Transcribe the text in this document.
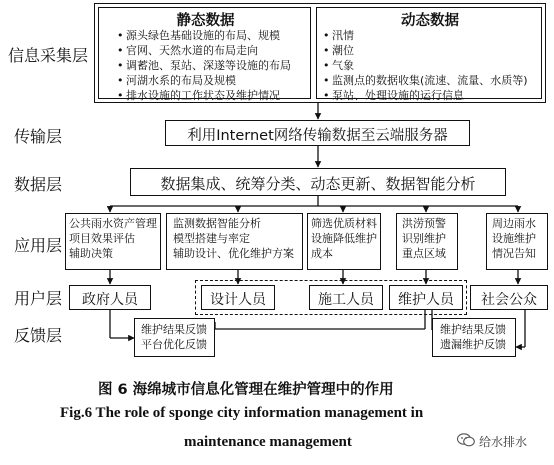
信息采集层
传输层
数据层
应用层
用户层
反馈层
静态数据
• 源头绿色基础设施的布局、规模
• 官网、天然水道的布局走向
• 调蓄池、泵站、深遂等设施的布局
• 河湖水系的布局及规模
• 排水设施的工作状态及维护情况
动态数据
• 汛情
• 潮位
• 气象
• 监测点的数据收集(流速、流量、水质等)
• 泵站、处理设施的运行信息
利用Internet网络传输数据至云端服务器
数据集成、统筹分类、动态更新、数据智能分析
公共雨水资产管理
项目效果评估
辅助决策
监测数据智能分析
模型搭建与率定
辅助设计、优化维护方案
筛选优质材料
设施降低维护
成本
洪涝预警
识别维护
重点区域
周边雨水
设施维护
情况告知
政府人员	设计人员	施工人员	维护人员	社会公众
维护结果反馈
平台优化反馈
维护结果反馈
遗漏维护反馈
图 6 海绵城市信息化管理在维护管理中的作用
Fig.6 The role of sponge city information management in
maintenance management	给水排水
